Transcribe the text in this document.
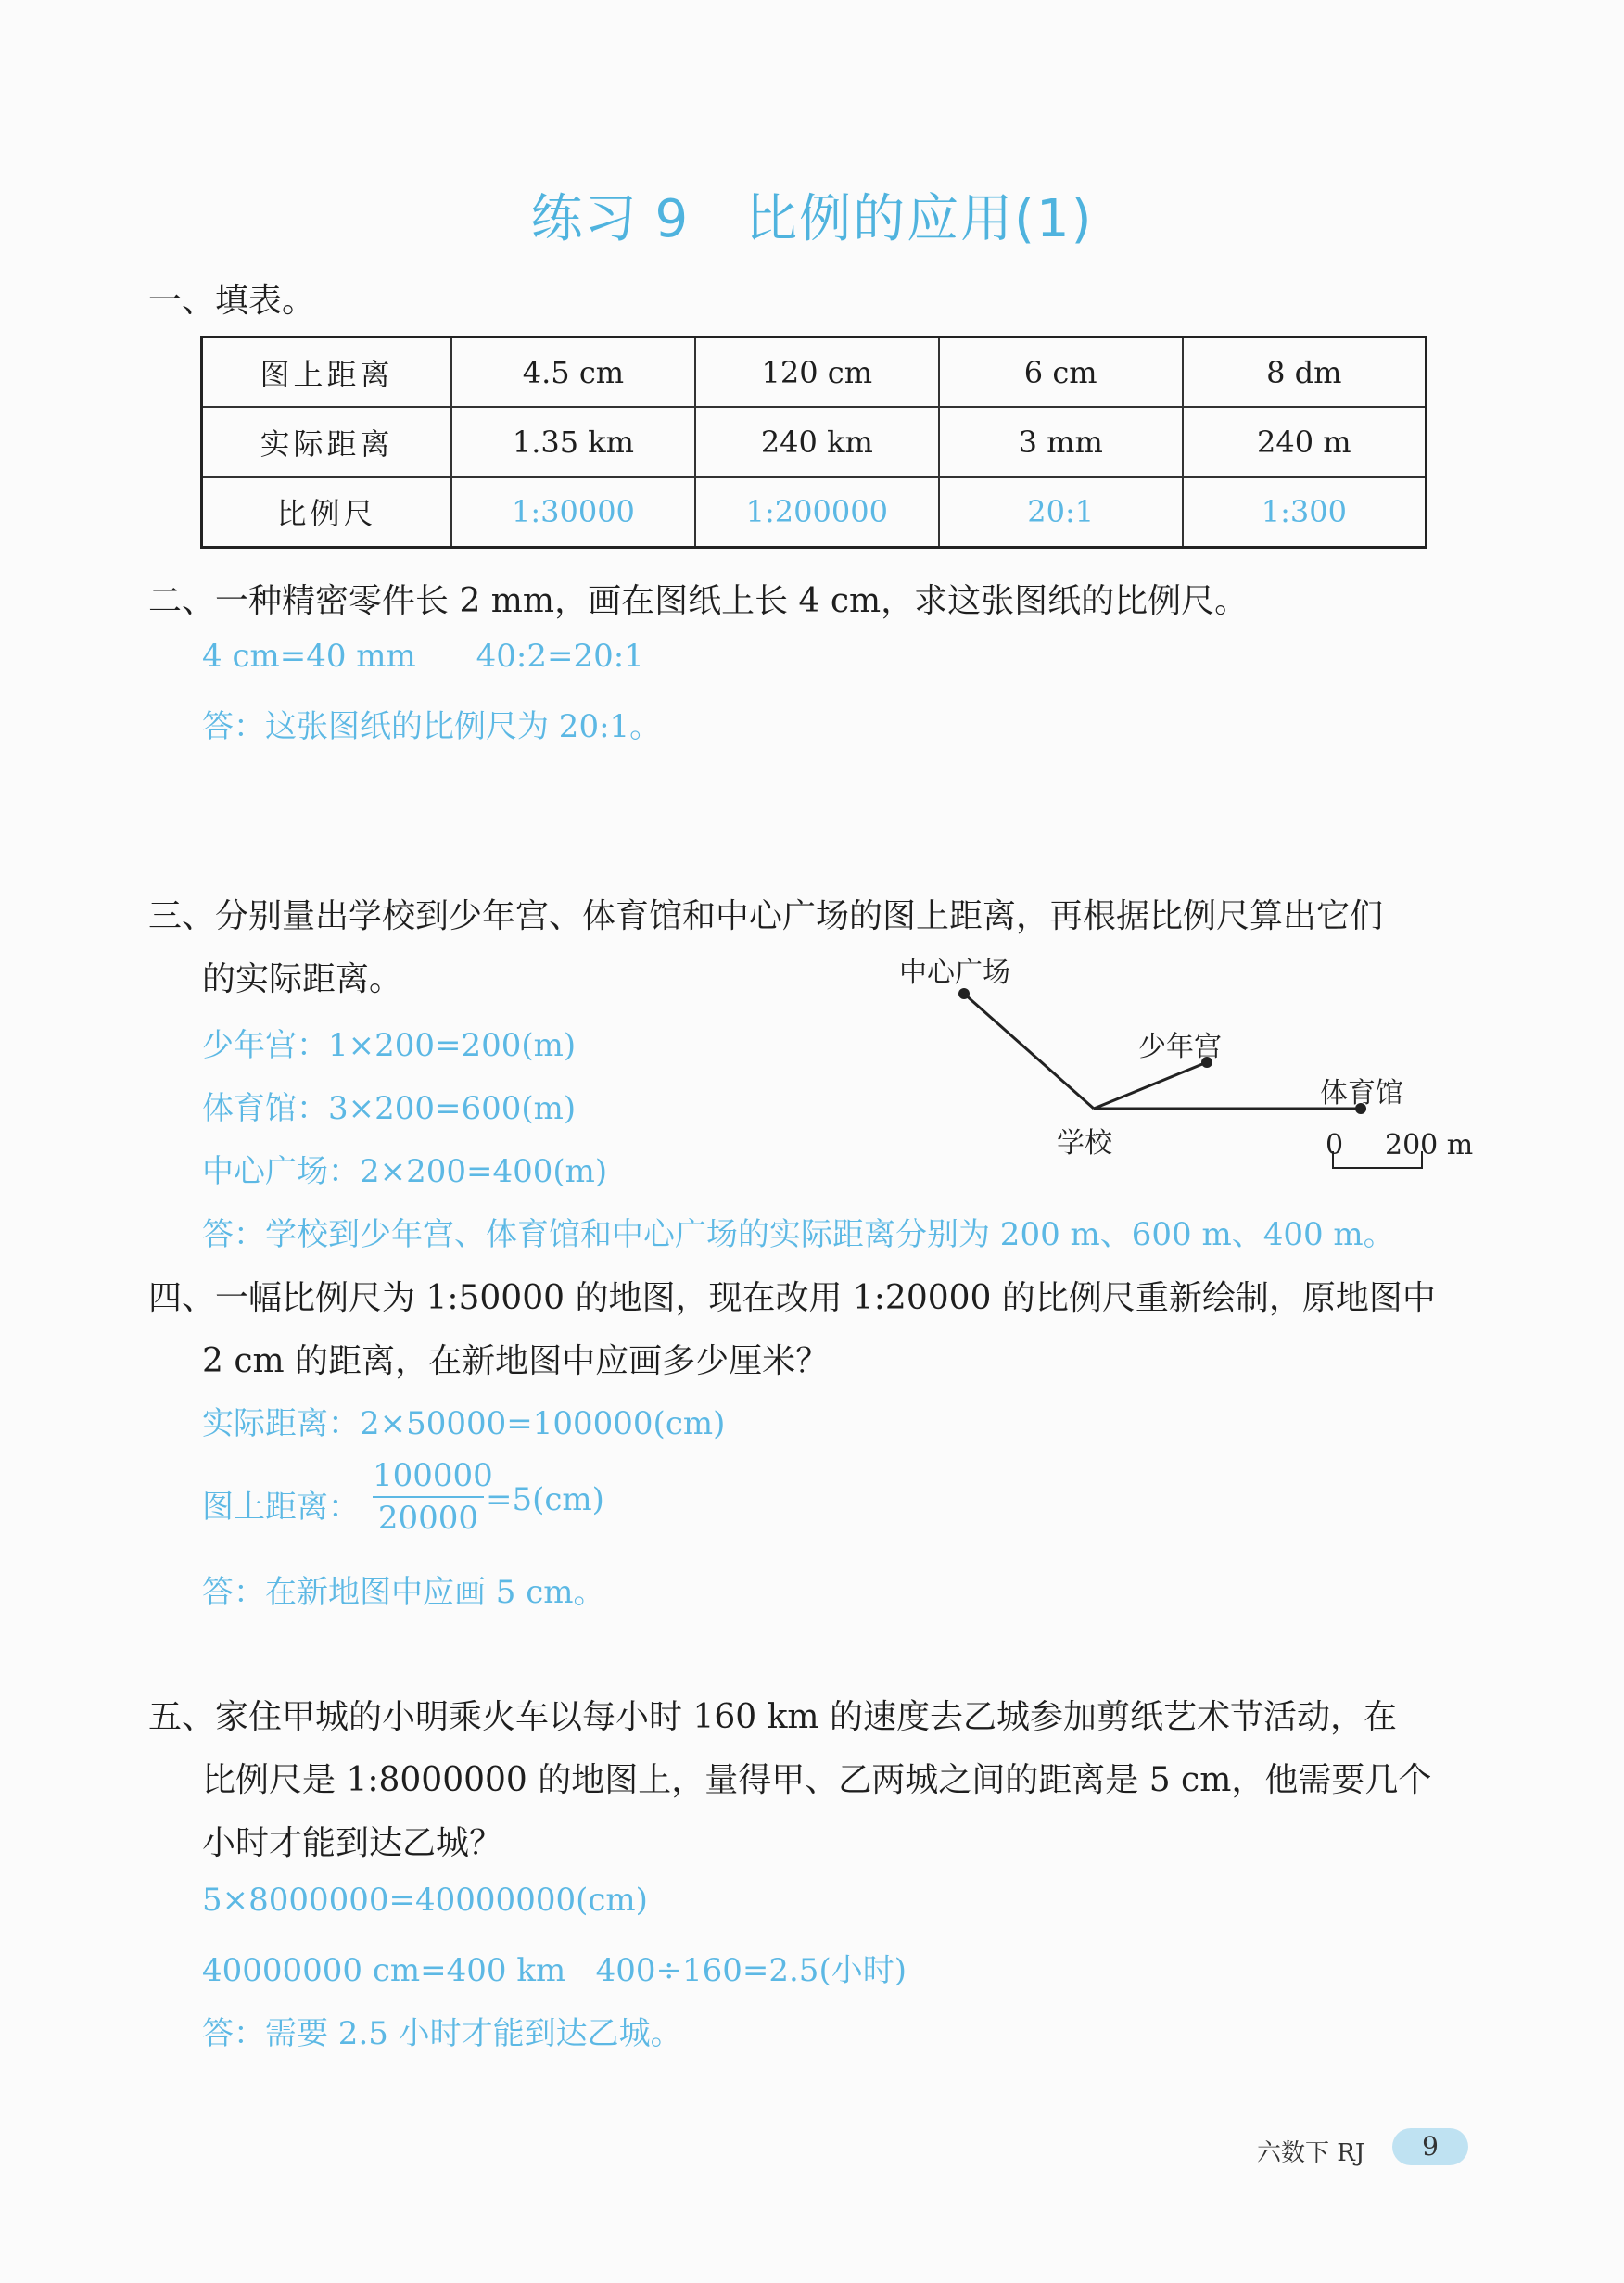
练习 9 比例的应用(1)
一、填表。
图上距离	4.5 cm	120 cm	6 cm	8 dm
实际距离	1.35 km	240 km	3 mm	240 m
比例尺	1:30000	1:200000	20:1	1:300
二、一种精密零件长 2 mm，画在图纸上长 4 cm，求这张图纸的比例尺。
4 cm=40 mm      40:2=20:1
答：这张图纸的比例尺为 20:1。
三、分别量出学校到少年宫、体育馆和中心广场的图上距离，再根据比例尺算出它们
的实际距离。
少年宫：1×200=200(m)
体育馆：3×200=600(m)
中心广场：2×200=400(m)
答：学校到少年宫、体育馆和中心广场的实际距离分别为 200 m、600 m、400 m。
中心广场
少年宫
体育馆
学校	0 200 m
四、一幅比例尺为 1:50000 的地图，现在改用 1:20000 的比例尺重新绘制，原地图中
2 cm 的距离，在新地图中应画多少厘米？
实际距离：2×50000=100000(cm)
图上距离：
100000
20000 =5(cm)
答：在新地图中应画 5 cm。
五、家住甲城的小明乘火车以每小时 160 km 的速度去乙城参加剪纸艺术节活动，在
比例尺是 1:8000000 的地图上，量得甲、乙两城之间的距离是 5 cm，他需要几个
小时才能到达乙城？
5×8000000=40000000(cm)
40000000 cm=400 km   400÷160=2.5(小时)
答：需要 2.5 小时才能到达乙城。
六数下 RJ	9
